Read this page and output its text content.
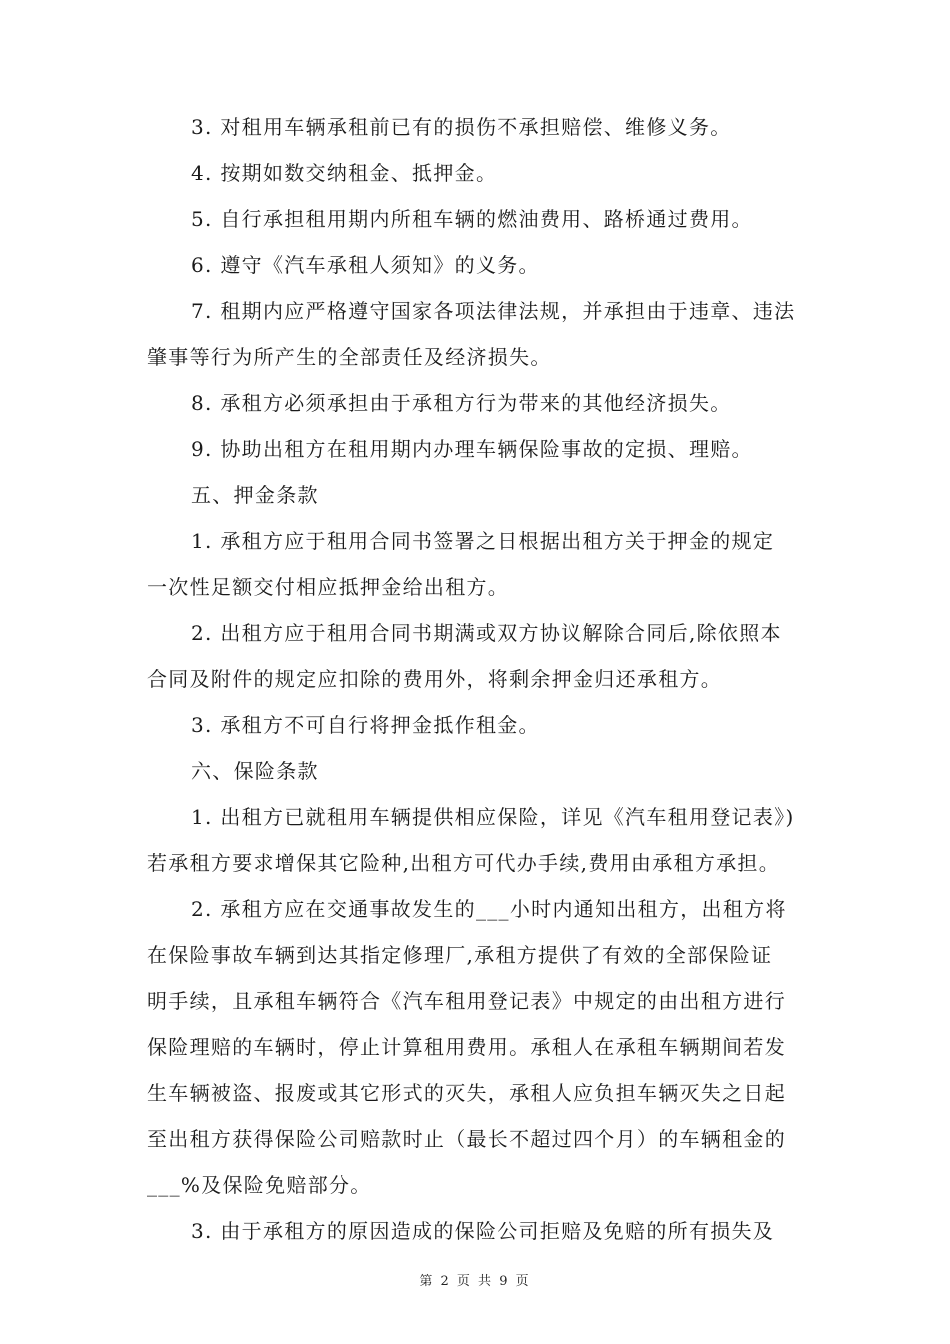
3. 对租用车辆承租前已有的损伤不承担赔偿、维修义务。
4. 按期如数交纳租金、抵押金。
5. 自行承担租用期内所租车辆的燃油费用、路桥通过费用。
6. 遵守《汽车承租人须知》的义务。
7. 租期内应严格遵守国家各项法律法规，并承担由于违章、违法
肇事等行为所产生的全部责任及经济损失。
8. 承租方必须承担由于承租方行为带来的其他经济损失。
9. 协助出租方在租用期内办理车辆保险事故的定损、理赔。
五、押金条款
1. 承租方应于租用合同书签署之日根据出租方关于押金的规定
一次性足额交付相应抵押金给出租方。
2. 出租方应于租用合同书期满或双方协议解除合同后,除依照本
合同及附件的规定应扣除的费用外，将剩余押金归还承租方。
3. 承租方不可自行将押金抵作租金。
六、保险条款
1. 出租方已就租用车辆提供相应保险，详见《汽车租用登记表》)
若承租方要求增保其它险种,出租方可代办手续,费用由承租方承担。
2. 承租方应在交通事故发生的___小时内通知出租方，出租方将
在保险事故车辆到达其指定修理厂,承租方提供了有效的全部保险证
明手续，且承租车辆符合《汽车租用登记表》中规定的由出租方进行
保险理赔的车辆时，停止计算租用费用。承租人在承租车辆期间若发
生车辆被盗、报废或其它形式的灭失，承租人应负担车辆灭失之日起
至出租方获得保险公司赔款时止（最长不超过四个月）的车辆租金的
___%及保险免赔部分。
3. 由于承租方的原因造成的保险公司拒赔及免赔的所有损失及
第 2 页 共 9 页
